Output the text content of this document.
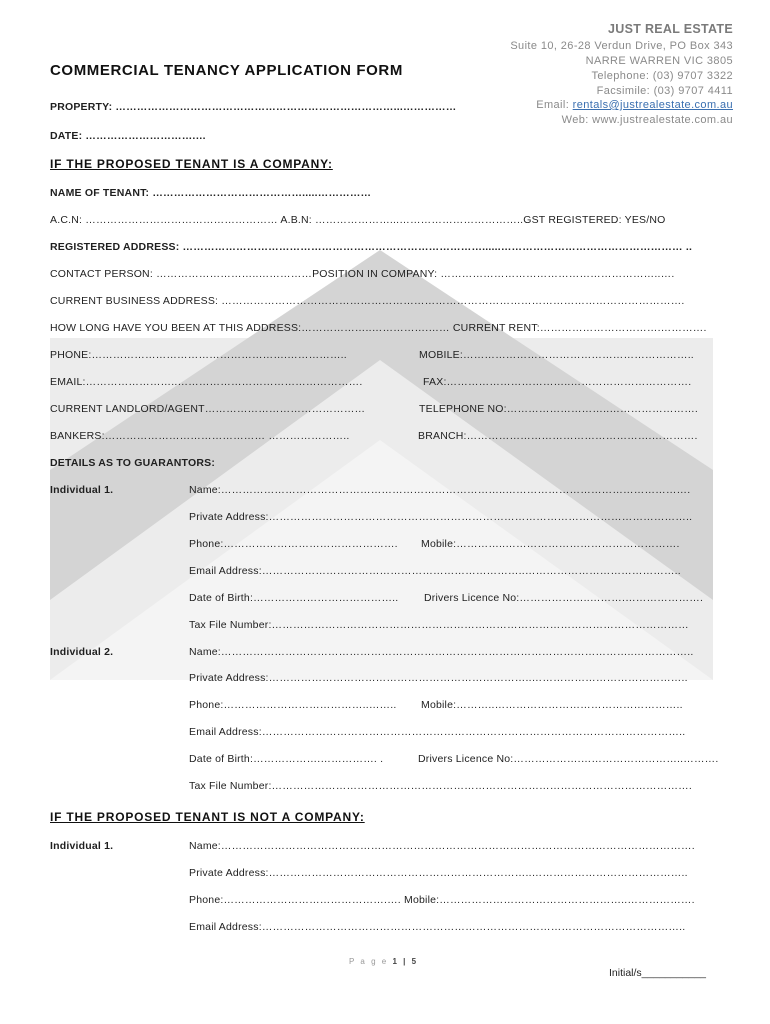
JUST REAL ESTATE
Suite 10, 26-28 Verdun Drive, PO Box 343
NARRE WARREN VIC 3805
Telephone: (03) 9707 3322
Facsimile: (03) 9707 4411
Email: rentals@justrealestate.com.au
Web: www.justrealestate.com.au
COMMERCIAL TENANCY APPLICATION FORM
PROPERTY: ……………………………………………………………………...……………
DATE: ………………………….…
IF THE PROPOSED TENANT IS A COMPANY:
NAME OF TENANT: …………………………………….....……………
A.C.N: ……………………………………………… A.B.N: …………………...……………………………..GST REGISTERED: YES/NO
REGISTERED ADDRESS: …………………………………………………………………………......…………………………………………… ..
CONTACT PERSON: ………………………..……………POSITION IN COMPANY: ……………………………………………………..….
CURRENT BUSINESS ADDRESS: ………………………………………………………………………………………………………………….
HOW LONG HAVE YOU BEEN AT THIS ADDRESS:………………..…………….…… CURRENT RENT:…………………………….………….
PHONE:……………………………………………….……………..	MOBILE:………………………………………………………..
EMAIL:……………………..…………………………………………….	FAX:……………………………..…………………………….
CURRENT LANDLORD/AGENT………………………………………	TELEPHONE NO:………………………..…………………….
BANKERS:……………………………………… …………………..	BRANCH:…………………………………………….………….
DETAILS AS TO GUARANTORS:
Individual 1.	Name:……………………………………………………………………..…………………………………………….
Private Address:………………………………………………………………………………………………………..
Phone:…………………………………………. Mobile:…………..………………………………………….
Email Address:………………………………………………………………..……………………………………..
Date of Birth:………………………………….. Drivers Licence No:………………..……….………………….
Tax File Number:………………………………………………………………………………………………………
Individual 2.	Name:……………………………………………………………………………………………………..……………..
Private Address:………………………………………………………………..……………………………………..
Phone:…………………………………..…….. Mobile:………..……………………………………………..
Email Address:………………………………………………………………………………………………………..
Date of Birth:……………….……………. .	Drivers Licence No:……………….………………………..……….
Tax File Number:……………………………………………………………………………………………………….
IF THE PROPOSED TENANT IS NOT A COMPANY:
Individual 1.	Name:…………………………………………………………………………………………………………………….
Private Address:………………………………………………………………..……………………………………..
Phone:……………………………………….…. Mobile:……………………………………………..……………….
Email Address:………………………………………………………………………………………………………..
P a g e 1 | 5
Initial/s___________
